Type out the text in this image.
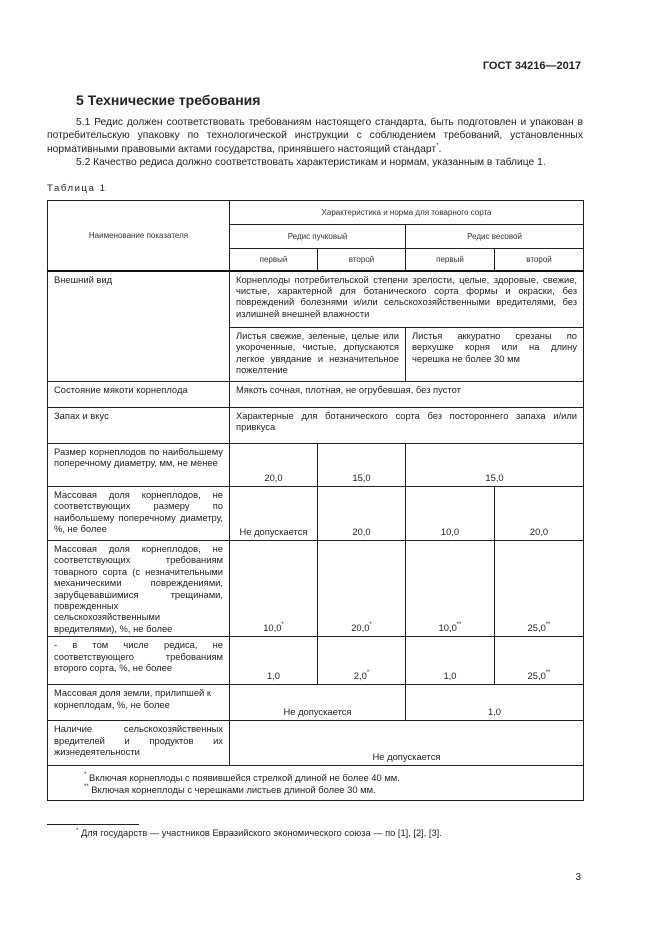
ГОСТ 34216—2017
5 Технические требования
5.1 Редис должен соответствовать требованиям настоящего стандарта, быть подготовлен и упакован в потребительскую упаковку по технологической инструкции с соблюдением требований, установленных нормативными правовыми актами государства, принявшего настоящий стандарт*.
5.2 Качество редиса должно соответствовать характеристикам и нормам, указанным в таблице 1.
Таблица 1
Наименование показателя	Характеристика и норма для товарного сорта			
	Редис пучковый		Редис весовой	
	первый	второй	первый	второй
Внешний вид	Корнеплоды потребительской степени зрелости, целые, здоровые, свежие, чистые, характерной для ботанического сорта формы и окраски, без повреждений болезнями и/или сельскохозяйственными вредителями, без излишней внешней влажности			
	Листья свежие, зеленые, целые или укороченные, чистые, допускаются легкое увядание и незначительное пожелтение		Листья аккуратно срезаны по верхушке корня или на длину черешка не более 30 мм	
Состояние мякоти корнеплода	Мякоть сочная, плотная, не огрубевшая, без пустот			
Запах и вкус	Характерные для ботанического сорта без постороннего запаха и/или привкуса			
Размер корнеплодов по наибольшему поперечному диаметру, мм, не менее	20,0	15,0	15,0	
Массовая доля корнеплодов, не соответствующих размеру по наибольшему поперечному диаметру, %, не более	Не допускается	20,0	10,0	20,0
Массовая доля корнеплодов, не соответствующих требованиям товарного сорта (с незначительными механическими повреждениями, зарубцевавшимися трещинами, поврежденных сельскохозяйственными вредителями), %, не более	10,0*	20,0*	10,0**	25,0**
- в том числе редиса, не соответствующего требованиям второго сорта, %, не более	1,0	2,0*	1,0	25,0**
Массовая доля земли, прилипшей к корнеплодам, %, не более	Не допускается		1,0	
Наличие сельскохозяйственных вредителей и продуктов их жизнедеятельности	Не допускается			

* Включая корнеплоды с появившейся стрелкой длиной не более 40 мм.
** Включая корнеплоды с черешками листьев длиной более 30 мм.				
* Для государств — участников Евразийского экономического союза — по [1], [2], [3].
3
